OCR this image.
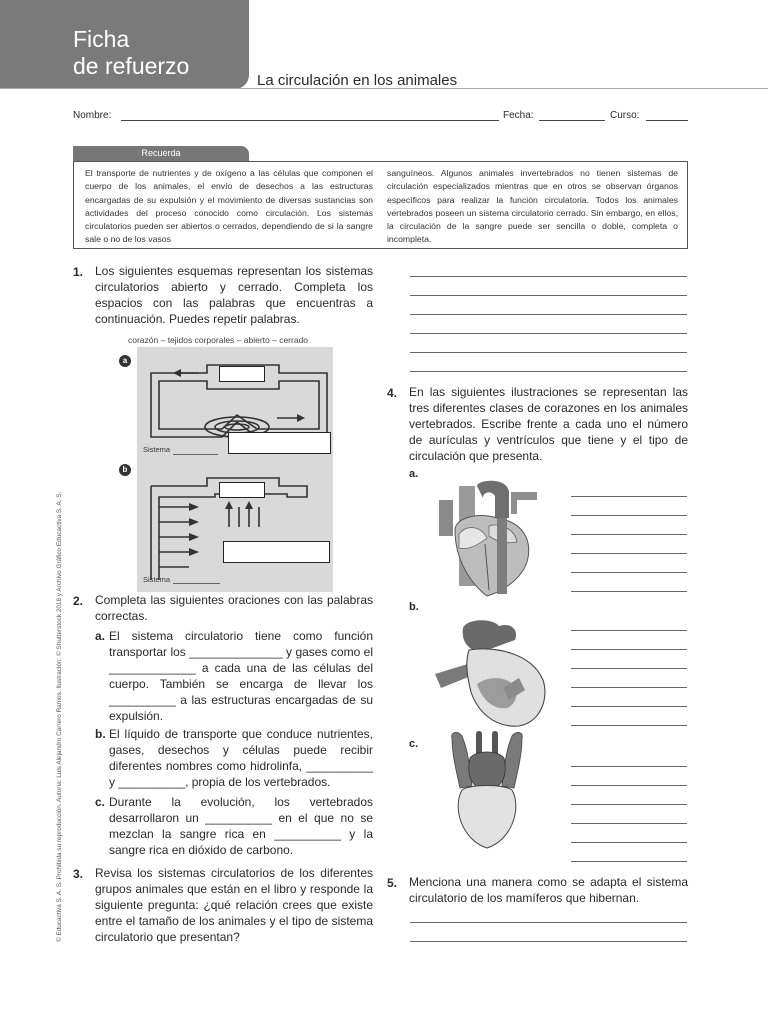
Ficha
de refuerzo
La circulación en los animales
Nombre:	Fecha:	Curso:
Recuerda
El transporte de nutrientes y de oxígeno a las células que componen el cuerpo de los animales, el envío de desechos a las estructuras encargadas de su expulsión y el movimiento de diversas sustancias son actividades del proceso conocido como circulación. Los sistemas circulatorios pueden ser abiertos o cerrados, dependiendo de si la sangre sale o no de los vasos
sanguíneos. Algunos animales invertebrados no tienen sistemas de circulación especializados mientras que en otros se observan órganos específicos para realizar la función circulatoria. Todos los animales vertebrados poseen un sistema circulatorio cerrado. Sin embargo, en ellos, la circulación de la sangre puede ser sencilla o doble, completa o incompleta.
© Educactiva S. A. S. Prohibida su reproducción. Autoría: Luis Alejandro Carrero Ramos. Ilustración: © Shutterstock 2018 y Archivo Gráfico Educactiva S. A. S.
1. Los siguientes esquemas representan los sistemas circulatorios abierto y cerrado. Completa los espacios con las palabras que encuentras a continuación. Puedes repetir palabras.
corazón – tejidos corporales – abierto – cerrado
a
b
Sistema
Sistema
2. Completa las siguientes oraciones con las palabras correctas.
a. El sistema circulatorio tiene como función transportar los ______________ y gases como el _____________ a cada una de las células del cuerpo. También se encarga de llevar los __________ a las estructuras encargadas de su expulsión.
b. El líquido de transporte que conduce nutrientes, gases, desechos y células puede recibir diferentes nombres como hidrolinfa, __________ y __________, propia de los vertebrados.
c. Durante la evolución, los vertebrados desarrollaron un __________ en el que no se mezclan la sangre rica en __________ y la sangre rica en dióxido de carbono.
3. Revisa los sistemas circulatorios de los diferentes grupos animales que están en el libro y responde la siguiente pregunta: ¿qué relación crees que existe entre el tamaño de los animales y el tipo de sistema circulatorio que presentan?
4. En las siguientes ilustraciones se representan las tres diferentes clases de corazones en los animales vertebrados. Escribe frente a cada uno el número de aurículas y ventrículos que tiene y el tipo de circulación que presenta.
a.
b.
c.
5. Menciona una manera como se adapta el sistema circulatorio de los mamíferos que hibernan.
